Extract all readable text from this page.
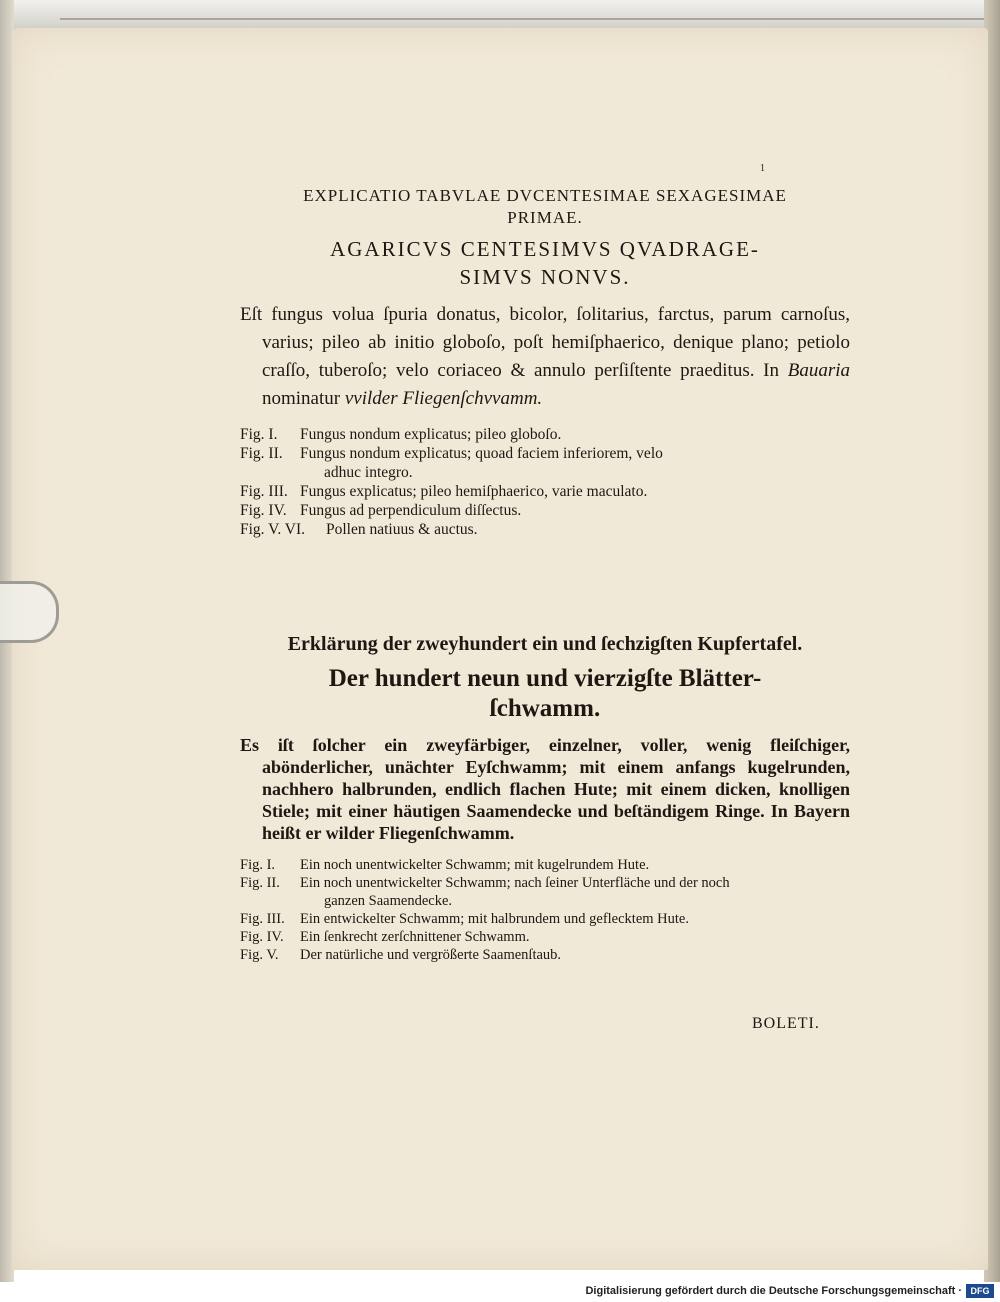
1
EXPLICATIO TABVLAE DVCENTESIMAE SEXAGESIMAE
PRIMAE.
AGARICVS CENTESIMVS QVADRAGE-
SIMVS NONVS.
Eſt fungus volua ſpuria donatus, bicolor, ſolitarius, farctus, parum carnoſus, varius; pileo ab initio globoſo, poſt hemiſphaerico, denique plano; petiolo craſſo, tuberoſo; velo coriaceo & annulo perſiſtente praeditus. In Bauaria nominatur vvilder Fliegenſchvvamm.
Fig. I.	Fungus nondum explicatus; pileo globoſo.
Fig. II.	Fungus nondum explicatus; quoad faciem inferiorem, velo
adhuc integro.
Fig. III. Fungus explicatus; pileo hemiſphaerico, varie maculato.
Fig. IV. Fungus ad perpendiculum diſſectus.
Fig. V. VI.	Pollen natiuus & auctus.
Erklärung der zweyhundert ein und ſechzigſten Kupfertafel.
Der hundert neun und vierzigſte Blätter-
ſchwamm.
Es iſt ſolcher ein zweyfärbiger, einzelner, voller, wenig fleiſchiger, abönderlicher, unächter Eyſchwamm; mit einem anfangs kugelrunden, nachhero halbrunden, endlich flachen Hute; mit einem dicken, knolligen Stiele; mit einer häutigen Saamendecke und beſtändigem Ringe. In Bayern heißt er wilder Fliegenſchwamm.
Fig. I.	Ein noch unentwickelter Schwamm; mit kugelrundem Hute.
Fig. II.	Ein noch unentwickelter Schwamm; nach ſeiner Unterfläche und der noch
ganzen Saamendecke.
Fig. III.	Ein entwickelter Schwamm; mit halbrundem und geflecktem Hute.
Fig. IV.	Ein ſenkrecht zerſchnittener Schwamm.
Fig. V.	Der natürliche und vergrößerte Saamenſtaub.
BOLETI.
Digitalisierung gefördert durch die Deutsche Forschungsgemeinschaft · DFG
